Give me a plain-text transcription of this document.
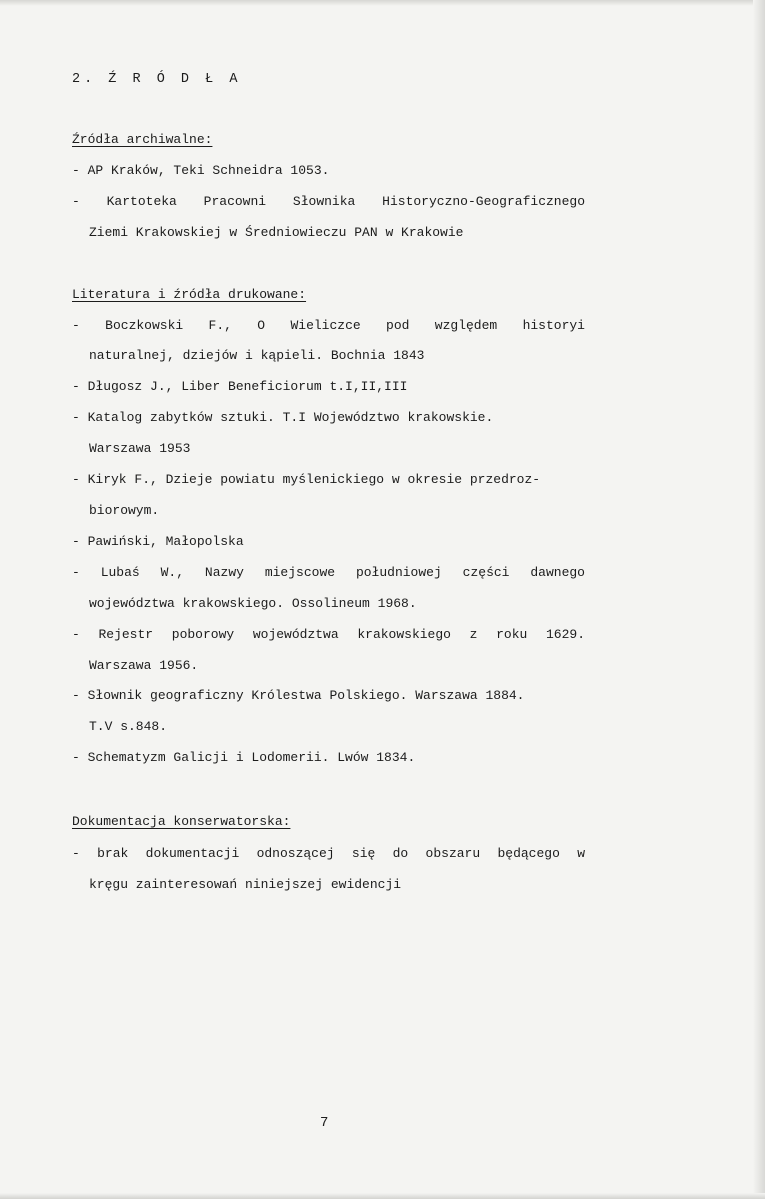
2. Ź R Ó D Ł A
Źródła archiwalne:
- AP Kraków, Teki Schneidra 1053.
- Kartoteka Pracowni Słownika Historyczno-Geograficznego
Ziemi Krakowskiej w Średniowieczu PAN w Krakowie
Literatura i źródła drukowane:
- Boczkowski F., O Wieliczce pod względem historyi
naturalnej, dziejów i kąpieli. Bochnia 1843
- Długosz J., Liber Beneficiorum t.I,II,III
- Katalog zabytków sztuki. T.I Województwo krakowskie.
Warszawa 1953
- Kiryk F., Dzieje powiatu myślenickiego w okresie przedroz-
biorowym.
- Pawiński, Małopolska
- Lubaś W., Nazwy miejscowe południowej części dawnego
województwa krakowskiego. Ossolineum 1968.
- Rejestr poborowy województwa krakowskiego z roku 1629.
Warszawa 1956.
- Słownik geograficzny Królestwa Polskiego. Warszawa 1884.
T.V s.848.
- Schematyzm Galicji i Lodomerii. Lwów 1834.
Dokumentacja konserwatorska:
- brak dokumentacji odnoszącej się do obszaru będącego w
kręgu zainteresowań niniejszej ewidencji
7
